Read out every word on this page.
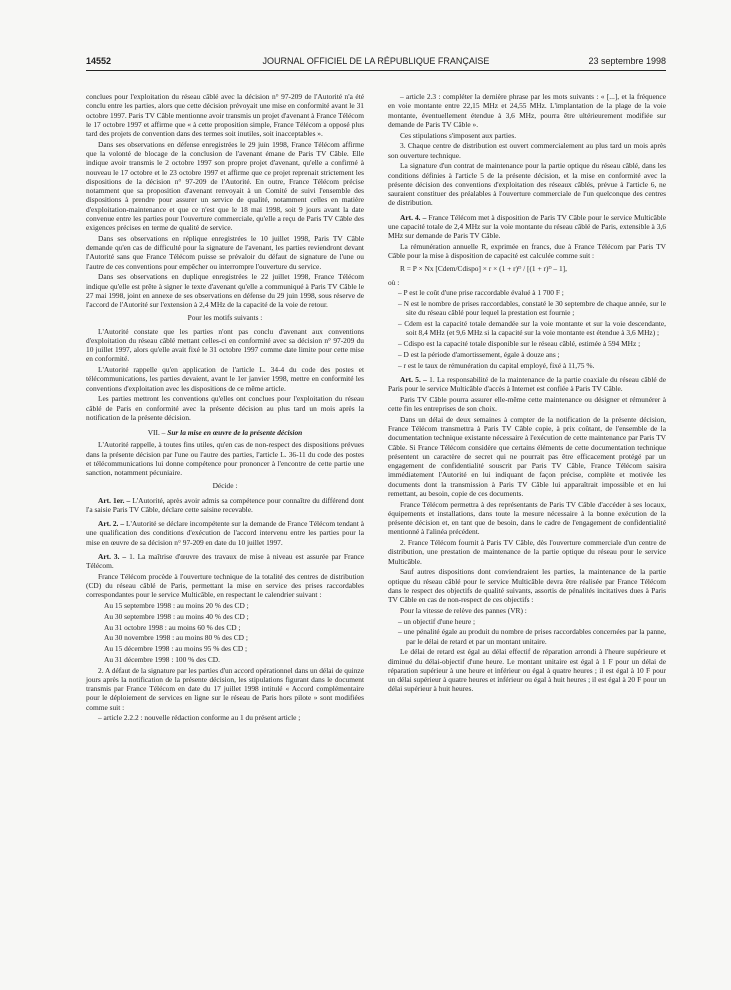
14552	JOURNAL OFFICIEL DE LA RÉPUBLIQUE FRANÇAISE	23 septembre 1998

conclues pour l'exploitation du réseau câblé avec la décision n° 97-209 de l'Autorité n'a été conclu entre les parties, alors que cette décision prévoyait une mise en conformité avant le 31 octobre 1997. Paris TV Câble mentionne avoir transmis un projet d'avenant à France Télécom le 17 octobre 1997 et affirme que « à cette proposition simple, France Télécom a opposé plus tard des projets de convention dans des termes soit inutiles, soit inacceptables ».

Dans ses observations en défense enregistrées le 29 juin 1998, France Télécom affirme que la volonté de blocage de la conclusion de l'avenant émane de Paris TV Câble. Elle indique avoir transmis le 2 octobre 1997 son propre projet d'avenant, qu'elle a confirmé à nouveau le 17 octobre et le 23 octobre 1997 et affirme que ce projet reprenait strictement les dispositions de la décision n° 97-209 de l'Autorité. En outre, France Télécom précise notamment que sa proposition d'avenant renvoyait à un Comité de suivi l'ensemble des dispositions à prendre pour assurer un service de qualité, notamment celles en matière d'exploitation-maintenance et que ce n'est que le 18 mai 1998, soit 9 jours avant la date convenue entre les parties pour l'ouverture commerciale, qu'elle a reçu de Paris TV Câble des exigences précises en terme de qualité de service.

Dans ses observations en réplique enregistrées le 10 juillet 1998, Paris TV Câble demande qu'en cas de difficulté pour la signature de l'avenant, les parties reviendront devant l'Autorité sans que France Télécom puisse se prévaloir du défaut de signature de l'une ou l'autre de ces conventions pour empêcher ou interrompre l'ouverture du service.

Dans ses observations en duplique enregistrées le 22 juillet 1998, France Télécom indique qu'elle est prête à signer le texte d'avenant qu'elle a communiqué à Paris TV Câble le 27 mai 1998, joint en annexe de ses observations en défense du 29 juin 1998, sous réserve de l'accord de l'Autorité sur l'extension à 2,4 MHz de la capacité de la voie de retour.

Pour les motifs suivants :

L'Autorité constate que les parties n'ont pas conclu d'avenant aux conventions d'exploitation du réseau câblé mettant celles-ci en conformité avec sa décision n° 97-209 du 10 juillet 1997, alors qu'elle avait fixé le 31 octobre 1997 comme date limite pour cette mise en conformité.

L'Autorité rappelle qu'en application de l'article L. 34-4 du code des postes et télécommunications, les parties devaient, avant le 1er janvier 1998, mettre en conformité les conventions d'exploitation avec les dispositions de ce même article.

Les parties mettront les conventions qu'elles ont conclues pour l'exploitation du réseau câblé de Paris en conformité avec la présente décision au plus tard un mois après la notification de la présente décision.

VII. – Sur la mise en œuvre de la présente décision

L'Autorité rappelle, à toutes fins utiles, qu'en cas de non-respect des dispositions prévues dans la présente décision par l'une ou l'autre des parties, l'article L. 36-11 du code des postes et télécommunications lui donne compétence pour prononcer à l'encontre de cette partie une sanction, notamment pécuniaire.

Décide :

Art. 1er. – L'Autorité, après avoir admis sa compétence pour connaître du différend dont l'a saisie Paris TV Câble, déclare cette saisine recevable.

Art. 2. – L'Autorité se déclare incompétente sur la demande de France Télécom tendant à une qualification des conditions d'exécution de l'accord intervenu entre les parties pour la mise en œuvre de sa décision n° 97-209 en date du 10 juillet 1997.

Art. 3. – 1. La maîtrise d'œuvre des travaux de mise à niveau est assurée par France Télécom.

France Télécom procède à l'ouverture technique de la totalité des centres de distribution (CD) du réseau câblé de Paris, permettant la mise en service des prises raccordables correspondantes pour le service Multicâble, en respectant le calendrier suivant :

Au 15 septembre 1998 : au moins 20 % des CD ;

Au 30 septembre 1998 : au moins 40 % des CD ;

Au 31 octobre 1998 : au moins 60 % des CD ;

Au 30 novembre 1998 : au moins 80 % des CD ;

Au 15 décembre 1998 : au moins 95 % des CD ;

Au 31 décembre 1998 : 100 % des CD.

2. A défaut de la signature par les parties d'un accord opérationnel dans un délai de quinze jours après la notification de la présente décision, les stipulations figurant dans le document transmis par France Télécom en date du 17 juillet 1998 intitulé « Accord complémentaire pour le déploiement de services en ligne sur le réseau de Paris hors pilote » sont modifiées comme suit :

– article 2.2.2 : nouvelle rédaction conforme au 1 du présent article ;

– article 2.3 : compléter la dernière phrase par les mots suivants : « [...], et la fréquence en voie montante entre 22,15 MHz et 24,55 MHz. L'implantation de la plage de la voie montante, éventuellement étendue à 3,6 MHz, pourra être ultérieurement modifiée sur demande de Paris TV Câble ».

Ces stipulations s'imposent aux parties.

3. Chaque centre de distribution est ouvert commercialement au plus tard un mois après son ouverture technique.

La signature d'un contrat de maintenance pour la partie optique du réseau câblé, dans les conditions définies à l'article 5 de la présente décision, et la mise en conformité avec la présente décision des conventions d'exploitation des réseaux câblés, prévue à l'article 6, ne sauraient constituer des préalables à l'ouverture commerciale de l'un quelconque des centres de distribution.

Art. 4. – France Télécom met à disposition de Paris TV Câble pour le service Multicâble une capacité totale de 2,4 MHz sur la voie montante du réseau câblé de Paris, extensible à 3,6 MHz sur demande de Paris TV Câble.

La rémunération annuelle R, exprimée en francs, due à France Télécom par Paris TV Câble pour la mise à disposition de capacité est calculée comme suit :

R = P × Nx [Cdem/Cdispo] × r × (1 + r)ᴰ / [(1 + r)ᴰ – 1],

où :

– P est le coût d'une prise raccordable évalué à 1 700 F ;

– N est le nombre de prises raccordables, constaté le 30 septembre de chaque année, sur le site du réseau câblé pour lequel la prestation est fournie ;

– Cdem est la capacité totale demandée sur la voie montante et sur la voie descendante, soit 8,4 MHz (et 9,6 MHz si la capacité sur la voie montante est étendue à 3,6 MHz) ;

– Cdispo est la capacité totale disponible sur le réseau câblé, estimée à 594 MHz ;

– D est la période d'amortissement, égale à douze ans ;

– r est le taux de rémunération du capital employé, fixé à 11,75 %.

Art. 5. – 1. La responsabilité de la maintenance de la partie coaxiale du réseau câblé de Paris pour le service Multicâble d'accès à Internet est confiée à Paris TV Câble.

Paris TV Câble pourra assurer elle-même cette maintenance ou désigner et rémunérer à cette fin les entreprises de son choix.

Dans un délai de deux semaines à compter de la notification de la présente décision, France Télécom transmettra à Paris TV Câble copie, à prix coûtant, de l'ensemble de la documentation technique existante nécessaire à l'exécution de cette maintenance par Paris TV Câble. Si France Télécom considère que certains éléments de cette documentation technique présentent un caractère de secret qui ne pourrait pas être efficacement protégé par un engagement de confidentialité souscrit par Paris TV Câble, France Télécom saisira immédiatement l'Autorité en lui indiquant de façon précise, complète et motivée les documents dont la transmission à Paris TV Câble lui apparaîtrait impossible et en lui remettant, au besoin, copie de ces documents.

France Télécom permettra à des représentants de Paris TV Câble d'accéder à ses locaux, équipements et installations, dans toute la mesure nécessaire à la bonne exécution de la présente décision et, en tant que de besoin, dans le cadre de l'engagement de confidentialité mentionné à l'alinéa précédent.

2. France Télécom fournit à Paris TV Câble, dès l'ouverture commerciale d'un centre de distribution, une prestation de maintenance de la partie optique du réseau pour le service Multicâble.

Sauf autres dispositions dont conviendraient les parties, la maintenance de la partie optique du réseau câblé pour le service Multicâble devra être réalisée par France Télécom dans le respect des objectifs de qualité suivants, assortis de pénalités incitatives dues à Paris TV Câble en cas de non-respect de ces objectifs :

Pour la vitesse de relève des pannes (VR) :

– un objectif d'une heure ;

– une pénalité égale au produit du nombre de prises raccordables concernées par la panne, par le délai de retard et par un montant unitaire.

Le délai de retard est égal au délai effectif de réparation arrondi à l'heure supérieure et diminué du délai-objectif d'une heure. Le montant unitaire est égal à 1 F pour un délai de réparation supérieur à une heure et inférieur ou égal à quatre heures ; il est égal à 10 F pour un délai supérieur à quatre heures et inférieur ou égal à huit heures ; il est égal à 20 F pour un délai supérieur à huit heures.
